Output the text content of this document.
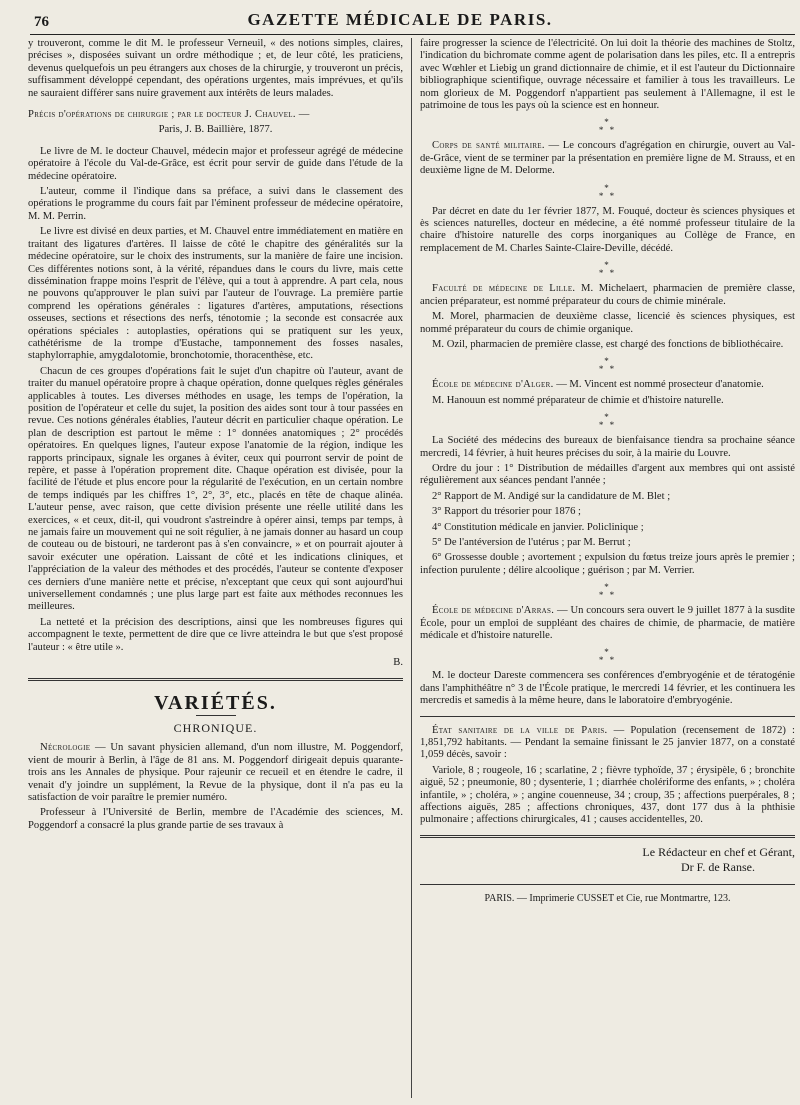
76	GAZETTE MÉDICALE DE PARIS.

y trouveront, comme le dit M. le professeur Verneuil, « des notions simples, claires, précises », disposées suivant un ordre méthodique ; et, de leur côté, les praticiens, devenus quelquefois un peu étrangers aux choses de la chirurgie, y trouveront un précis, suffisamment développé cependant, des opérations urgentes, mais imprévues, et qu'ils ne sauraient différer sans nuire gravement aux intérêts de leurs malades.

Précis d'opérations de chirurgie ; par le docteur J. Chauvel. —

Paris, J. B. Baillière, 1877.

Le livre de M. le docteur Chauvel, médecin major et professeur agrégé de médecine opératoire à l'école du Val-de-Grâce, est écrit pour servir de guide dans l'étude de la médecine opératoire.

L'auteur, comme il l'indique dans sa préface, a suivi dans le classement des opérations le programme du cours fait par l'éminent professeur de médecine opératoire, M. M. Perrin.

Le livre est divisé en deux parties, et M. Chauvel entre immédiatement en matière en traitant des ligatures d'artères. Il laisse de côté le chapitre des généralités sur la médecine opératoire, sur le choix des instruments, sur la manière de faire une incision. Ces différentes notions sont, à la vérité, répandues dans le cours du livre, mais cette dissémination frappe moins l'esprit de l'élève, qui a tout à apprendre. A part cela, nous ne pouvons qu'approuver le plan suivi par l'auteur de l'ouvrage. La première partie comprend les opérations générales : ligatures d'artères, amputations, résections osseuses, sections et résections des nerfs, ténotomie ; la seconde est consacrée aux opérations spéciales : autoplasties, opérations qui se pratiquent sur les yeux, cathétérisme de la trompe d'Eustache, tamponnement des fosses nasales, staphylorraphie, amygdalotomie, bronchotomie, thoracenthèse, etc.

Chacun de ces groupes d'opérations fait le sujet d'un chapitre où l'auteur, avant de traiter du manuel opératoire propre à chaque opération, donne quelques règles générales applicables à toutes. Les diverses méthodes en usage, les temps de l'opération, la position de l'opérateur et celle du sujet, la position des aides sont tour à tour passées en revue. Ces notions générales établies, l'auteur décrit en particulier chaque opération. Le plan de description est partout le même : 1° données anatomiques ; 2° procédés opératoires. En quelques lignes, l'auteur expose l'anatomie de la région, indique les rapports principaux, signale les organes à éviter, ceux qui pourront servir de point de repère, et passe à l'opération proprement dite. Chaque opération est divisée, pour la facilité de l'étude et plus encore pour la régularité de l'exécution, en un certain nombre de temps indiqués par les chiffres 1°, 2°, 3°, etc., placés en tête de chaque alinéa. L'auteur pense, avec raison, que cette division présente une réelle utilité dans les exercices, « et ceux, dit-il, qui voudront s'astreindre à opérer ainsi, temps par temps, à ne jamais faire un mouvement qui ne soit régulier, à ne jamais donner au hasard un coup de couteau ou de bistouri, ne tarderont pas à s'en convaincre, » et on pourrait ajouter à savoir exécuter une opération. Laissant de côté et les indications cliniques, et l'appréciation de la valeur des méthodes et des procédés, l'auteur se contente d'exposer ces derniers d'une manière nette et précise, n'exceptant que ceux qui sont aujourd'hui universellement condamnés ; une plus large part est faite aux méthodes reconnues les meilleures.

La netteté et la précision des descriptions, ainsi que les nombreuses figures qui accompagnent le texte, permettent de dire que ce livre atteindra le but que s'est proposé l'auteur : « être utile ».

B.

VARIÉTÉS.
CHRONIQUE.

Nécrologie — Un savant physicien allemand, d'un nom illustre, M. Poggendorf, vient de mourir à Berlin, à l'âge de 81 ans. M. Poggendorf dirigeait depuis quarante-trois ans les Annales de physique. Pour rajeunir ce recueil et en étendre le cadre, il venait d'y joindre un supplément, la Revue de la physique, dont il n'a pas eu la satisfaction de voir paraître le premier numéro.

Professeur à l'Université de Berlin, membre de l'Académie des sciences, M. Poggendorf a consacré la plus grande partie de ses travaux à

faire progresser la science de l'électricité. On lui doit la théorie des machines de Stoltz, l'indication du bichromate comme agent de polarisation dans les piles, etc. Il a entrepris avec Wœhler et Liebig un grand dictionnaire de chimie, et il est l'auteur du Dictionnaire bibliographique scientifique, ouvrage nécessaire et familier à tous les travailleurs. Le nom glorieux de M. Poggendorf n'appartient pas seulement à l'Allemagne, il est le patrimoine de tous les pays où la science est en honneur.

*
* *

Corps de santé militaire. — Le concours d'agrégation en chirurgie, ouvert au Val-de-Grâce, vient de se terminer par la présentation en première ligne de M. Strauss, et en deuxième ligne de M. Delorme.

*
* *

Par décret en date du 1er février 1877, M. Fouqué, docteur ès sciences physiques et ès sciences naturelles, docteur en médecine, a été nommé professeur titulaire de la chaire d'histoire naturelle des corps inorganiques au Collège de France, en remplacement de M. Charles Sainte-Claire-Deville, décédé.

*
* *

Faculté de médecine de Lille. M. Michelaert, pharmacien de première classe, ancien préparateur, est nommé préparateur du cours de chimie minérale.

M. Morel, pharmacien de deuxième classe, licencié ès sciences physiques, est nommé préparateur du cours de chimie organique.

M. Ozil, pharmacien de première classe, est chargé des fonctions de bibliothécaire.

*
* *

École de médecine d'Alger. — M. Vincent est nommé prosecteur d'anatomie.

M. Hanouun est nommé préparateur de chimie et d'histoire naturelle.

*
* *

La Société des médecins des bureaux de bienfaisance tiendra sa prochaine séance mercredi, 14 février, à huit heures précises du soir, à la mairie du Louvre.

Ordre du jour : 1° Distribution de médailles d'argent aux membres qui ont assisté régulièrement aux séances pendant l'année ;

2° Rapport de M. Andigé sur la candidature de M. Blet ;

3° Rapport du trésorier pour 1876 ;

4° Constitution médicale en janvier. Policlinique ;

5° De l'antéversion de l'utérus ; par M. Berrut ;

6° Grossesse double ; avortement ; expulsion du fœtus treize jours après le premier ; infection purulente ; délire alcoolique ; guérison ; par M. Verrier.

*
* *

École de médecine d'Arras. — Un concours sera ouvert le 9 juillet 1877 à la susdite École, pour un emploi de suppléant des chaires de chimie, de pharmacie, de matière médicale et d'histoire naturelle.

*
* *

M. le docteur Dareste commencera ses conférences d'embryogénie et de tératogénie dans l'amphithéâtre n° 3 de l'École pratique, le mercredi 14 février, et les continuera les mercredis et samedis à la même heure, dans le laboratoire d'embryogénie.

État sanitaire de la ville de Paris. — Population (recensement de 1872) : 1,851,792 habitants. — Pendant la semaine finissant le 25 janvier 1877, on a constaté 1,059 décès, savoir :

Variole, 8 ; rougeole, 16 ; scarlatine, 2 ; fièvre typhoïde, 37 ; érysipèle, 6 ; bronchite aiguë, 52 ; pneumonie, 80 ; dysenterie, 1 ; diarrhée cholériforme des enfants, » ; choléra infantile, » ; choléra, » ; angine couenneuse, 34 ; croup, 35 ; affections puerpérales, 8 ; affections aiguës, 285 ; affections chroniques, 437, dont 177 dus à la phthisie pulmonaire ; affections chirurgicales, 41 ; causes accidentelles, 20.

Le Rédacteur en chef et Gérant,
Dr F. de Ranse.
PARIS. — Imprimerie CUSSET et Cie, rue Montmartre, 123.
